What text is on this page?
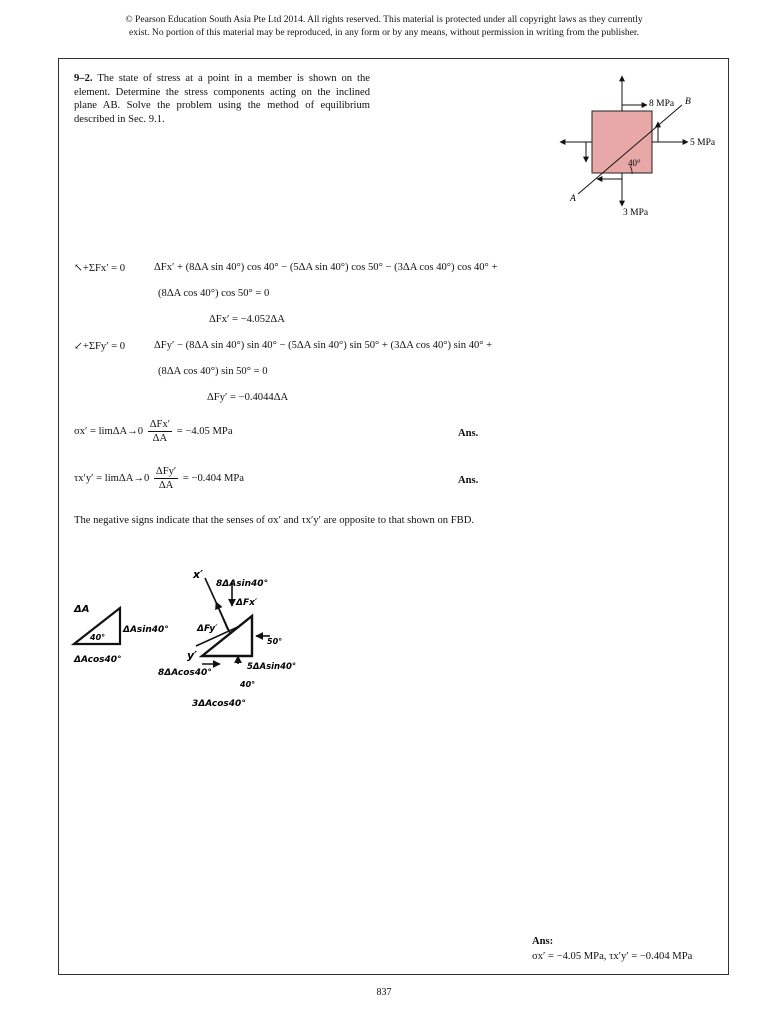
© Pearson Education South Asia Pte Ltd 2014. All rights reserved. This material is protected under all copyright laws as they currently
exist. No portion of this material may be reproduced, in any form or by any means, without permission in writing from the publisher.
9–2. The state of stress at a point in a member is shown on the element. Determine the stress components acting on the inclined plane AB. Solve the problem using the method of equilibrium described in Sec. 9.1.
8 MPa B
5 MPa
3 MPa
A
40°
↖+ΣFx′ = 0	ΔFx′ + (8ΔA sin 40°) cos 40° − (5ΔA sin 40°) cos 50° − (3ΔA cos 40°) cos 40° +
(8ΔA cos 40°) cos 50° = 0
ΔFx′ = −4.052ΔA
↙+ΣFy′ = 0	ΔFy′ − (8ΔA sin 40°) sin 40° − (5ΔA sin 40°) sin 50° + (3ΔA cos 40°) sin 40° +
(8ΔA cos 40°) sin 50° = 0
ΔFy′ = −0.4044ΔA
$\sigma x' = \lim\Delta A\to 0 \frac{\text{ΔFx′}}{\Delta A} = -4.05$ MPa	Ans.
$\tau x'y' = \lim\Delta A\to 0 \frac{\text{ΔFy′}}{\Delta A} = -0.404$ MPa	Ans.
The negative signs indicate that the senses of σx′ and τx′y′ are opposite to that shown on FBD.
ΔA
ΔAsin40°
ΔAcos40°
40°
x′
8ΔAsin40°
ΔFx′
ΔFy′
y′
50°
5ΔAsin40°
8ΔAcos40°
40°
3ΔAcos40°
Ans:
σx′ = −4.05 MPa, τx′y′ = −0.404 MPa
837
